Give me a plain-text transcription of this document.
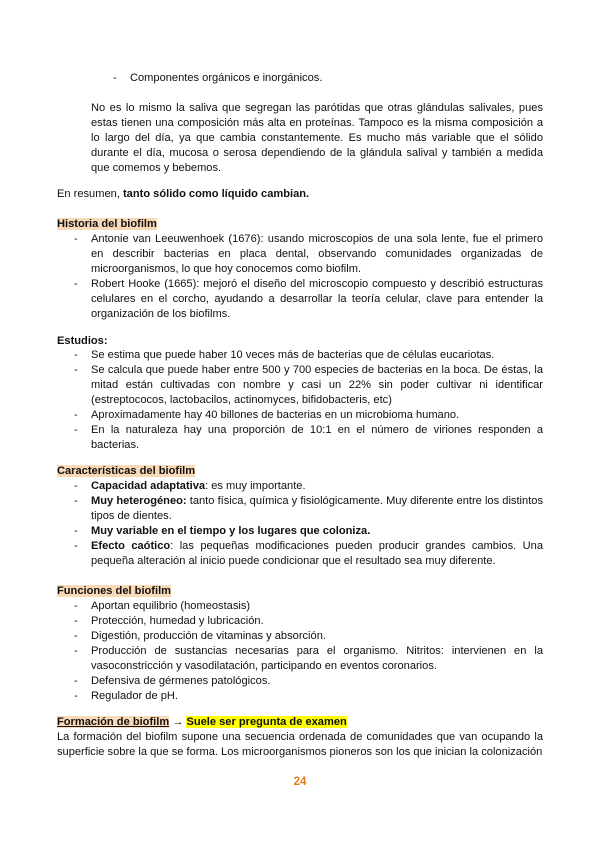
- Componentes orgánicos e inorgánicos.
No es lo mismo la saliva que segregan las parótidas que otras glándulas salivales, pues estas tienen una composición más alta en proteínas. Tampoco es la misma composición a lo largo del día, ya que cambia constantemente. Es mucho más variable que el sólido durante el día, mucosa o serosa dependiendo de la glándula salival y también a medida que comemos y bebemos.
En resumen, tanto sólido como líquido cambian.
Historia del biofilm
- Antonie van Leeuwenhoek (1676): usando microscopios de una sola lente, fue el primero en describir bacterias en placa dental, observando comunidades organizadas de microorganismos, lo que hoy conocemos como biofilm.
- Robert Hooke (1665): mejoró el diseño del microscopio compuesto y describió estructuras celulares en el corcho, ayudando a desarrollar la teoría celular, clave para entender la organización de los biofilms.
Estudios:
- Se estima que puede haber 10 veces más de bacterias que de células eucariotas.
- Se calcula que puede haber entre 500 y 700 especies de bacterias en la boca. De éstas, la mitad están cultivadas con nombre y casi un 22% sin poder cultivar ni identificar (estreptococos, lactobacilos, actinomyces, bifidobacteris, etc)
- Aproximadamente hay 40 billones de bacterias en un microbioma humano.
- En la naturaleza hay una proporción de 10:1 en el número de viriones responden a bacterias.
Características del biofilm
- Capacidad adaptativa: es muy importante.
- Muy heterogéneo: tanto física, química y fisiológicamente. Muy diferente entre los distintos tipos de dientes.
- Muy variable en el tiempo y los lugares que coloniza.
- Efecto caótico: las pequeñas modificaciones pueden producir grandes cambios. Una pequeña alteración al inicio puede condicionar que el resultado sea muy diferente.
Funciones del biofilm
- Aportan equilibrio (homeostasis)
- Protección, humedad y lubricación.
- Digestión, producción de vitaminas y absorción.
- Producción de sustancias necesarias para el organismo. Nitritos: intervienen en la vasoconstricción y vasodilatación, participando en eventos coronarios.
- Defensiva de gérmenes patológicos.
- Regulador de pH.
Formación de biofilm → Suele ser pregunta de examen
La formación del biofilm supone una secuencia ordenada de comunidades que van ocupando la superficie sobre la que se forma. Los microorganismos pioneros son los que inician la colonización
24
